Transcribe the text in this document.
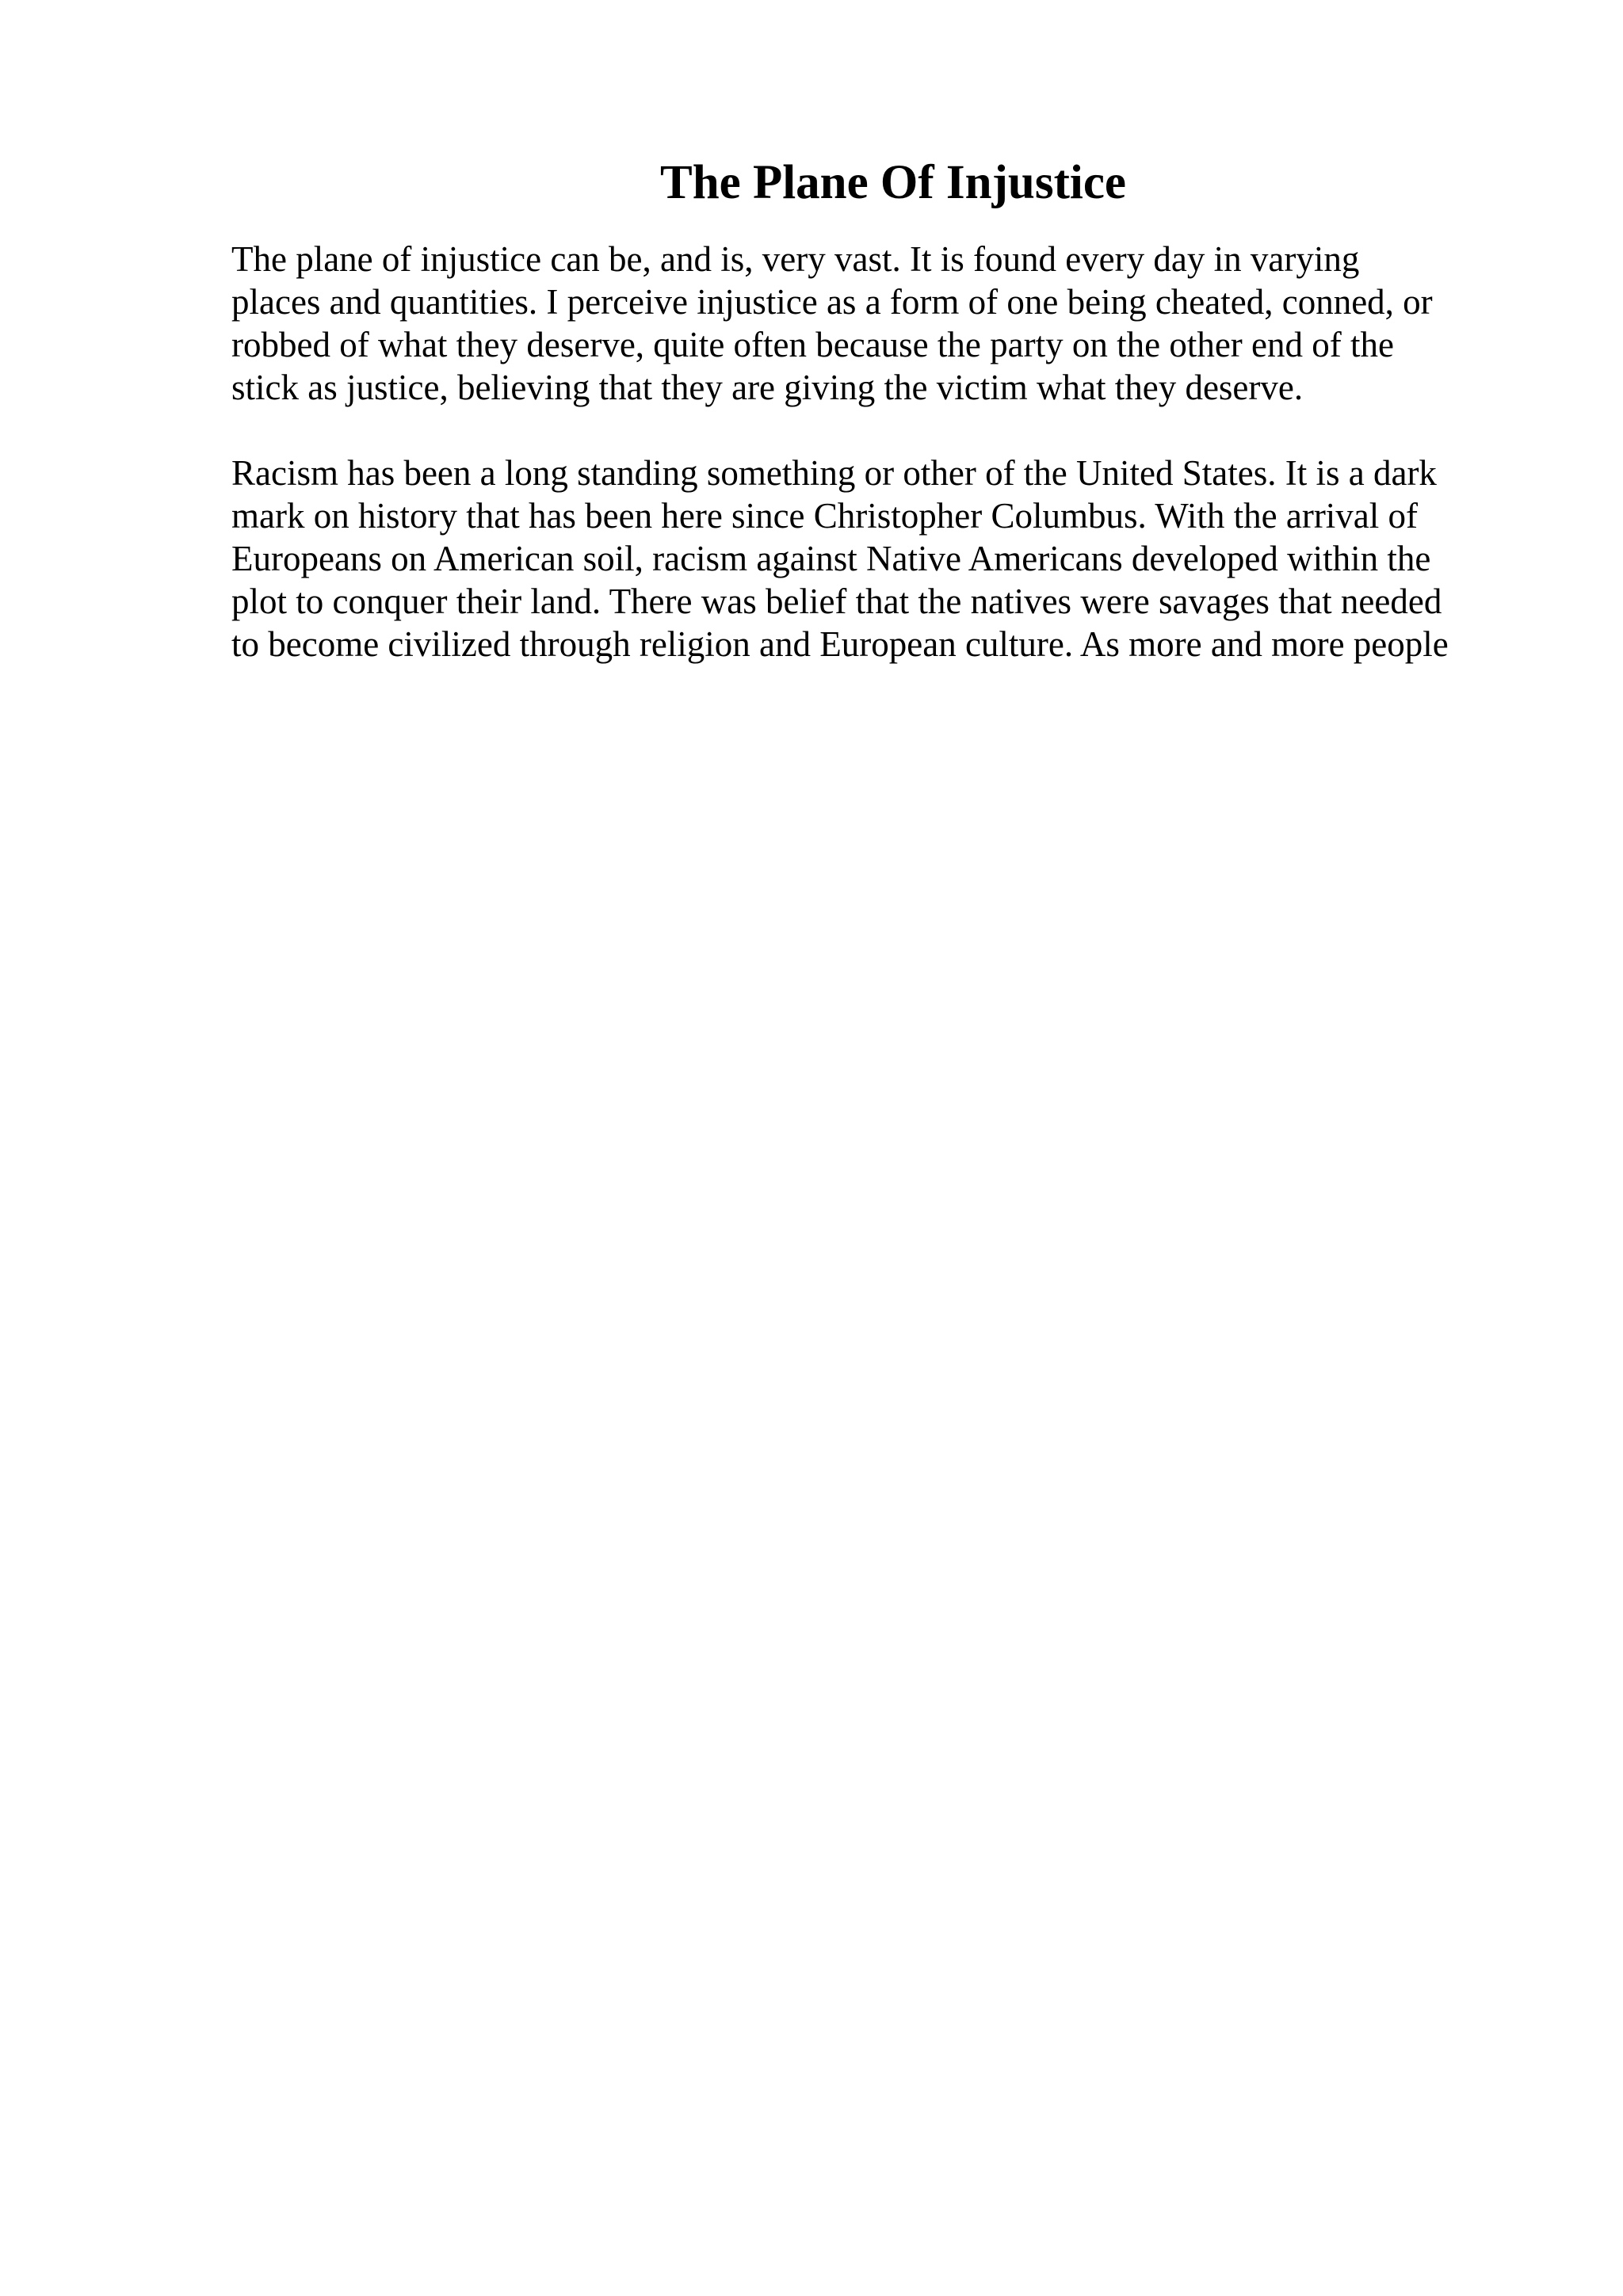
The Plane Of Injustice

The plane of injustice can be, and is, very vast. It is found every day in varying
places and quantities. I perceive injustice as a form of one being cheated, conned, or
robbed of what they deserve, quite often because the party on the other end of the
stick as justice, believing that they are giving the victim what they deserve.

Racism has been a long standing something or other of the United States. It is a dark
mark on history that has been here since Christopher Columbus. With the arrival of
Europeans on American soil, racism against Native Americans developed within the
plot to conquer their land. There was belief that the natives were savages that needed
to become civilized through religion and European culture. As more and more people
